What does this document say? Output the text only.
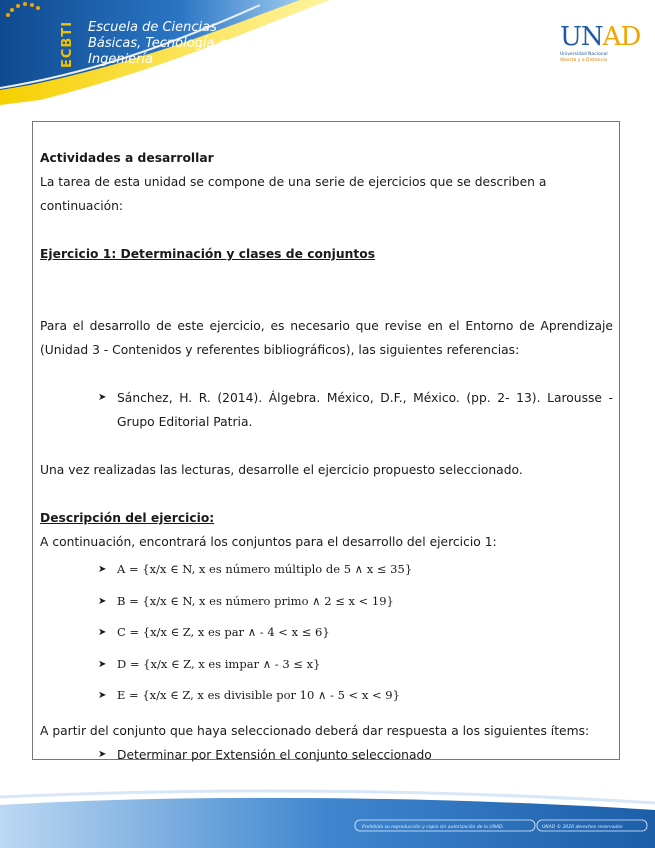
ECBTI	Escuela de Ciencias
Básicas, Tecnología e
Ingeniería
UNAD
Universidad Nacional
Abierta y a Distancia

Actividades a desarrollar

La tarea de esta unidad se compone de una serie de ejercicios que se describen a continuación:

Ejercicio 1: Determinación y clases de conjuntos

Para el desarrollo de este ejercicio, es necesario que revise en el Entorno de Aprendizaje (Unidad 3 - Contenidos y referentes bibliográficos), las siguientes referencias:

➤ Sánchez, H. R. (2014). Álgebra. México, D.F., México. (pp. 2- 13). Larousse - Grupo Editorial Patria.

Una vez realizadas las lecturas, desarrolle el ejercicio propuesto seleccionado.

Descripción del ejercicio:

A continuación, encontrará los conjuntos para el desarrollo del ejercicio 1:

➤ A = {x/x ∈ N, x es número múltiplo de 5 ∧ x ≤ 35}

➤ B = {x/x ∈ N, x es número primo ∧ 2 ≤ x < 19}

➤ C = {x/x ∈ Z, x es par ∧ - 4 < x ≤ 6}

➤ D = {x/x ∈ Z, x es impar ∧ - 3 ≤ x}

➤ E = {x/x ∈ Z, x es divisible por 10 ∧ - 5 < x < 9}

A partir del conjunto que haya seleccionado deberá dar respuesta a los siguientes ítems:

➤ Determinar por Extensión el conjunto seleccionado

Prohibida su reproducción y copia sin autorización de la UNAD.	UNAD © 2020 derechos reservados
